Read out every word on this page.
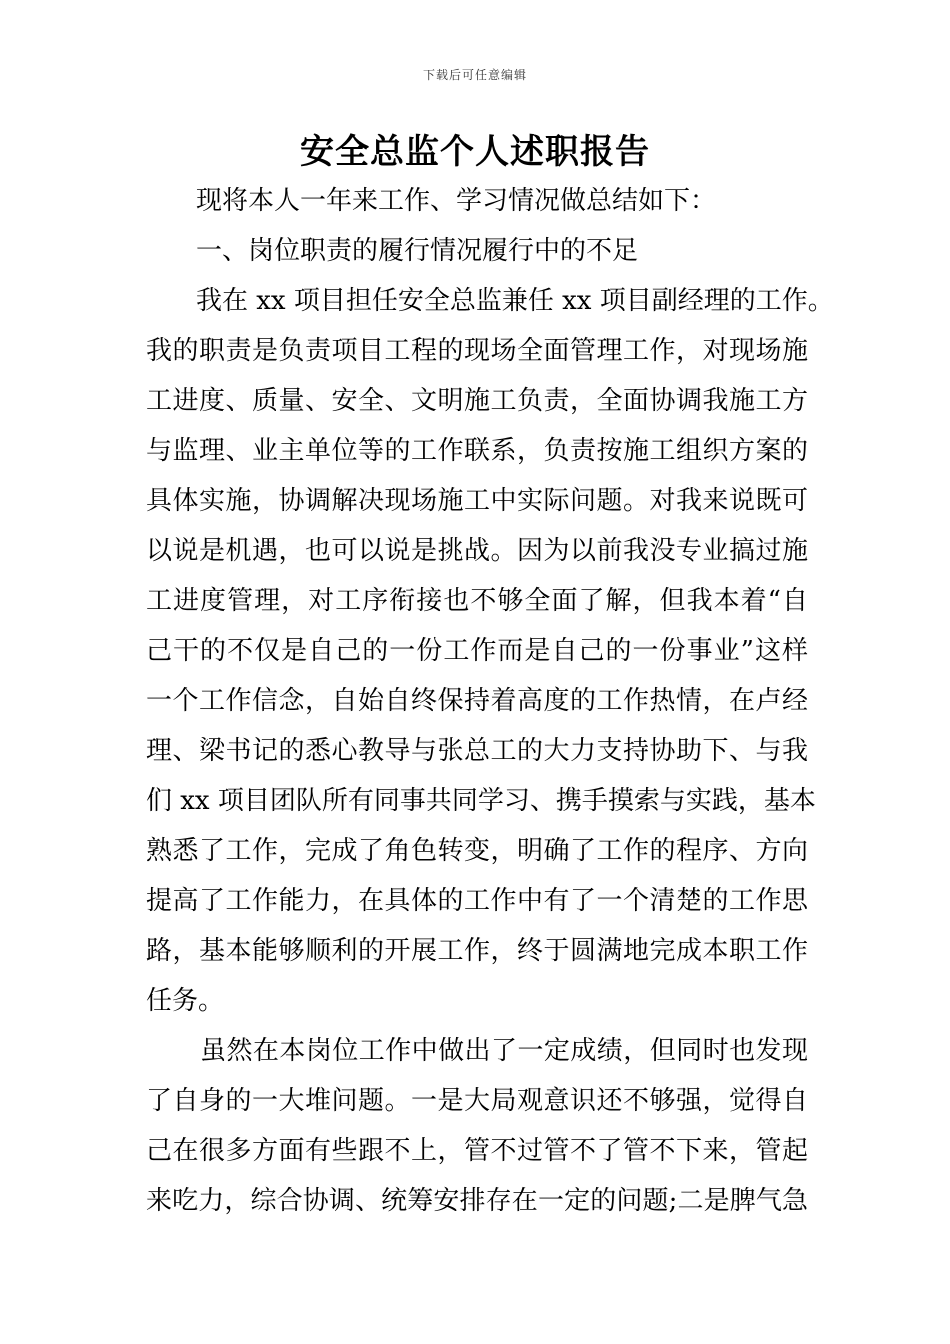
下载后可任意编辑
安全总监个人述职报告
现将本人一年来工作、学习情况做总结如下：
一、岗位职责的履行情况履行中的不足
我在 xx 项目担任安全总监兼任 xx 项目副经理的工作。
我的职责是负责项目工程的现场全面管理工作，对现场施
工进度、质量、安全、文明施工负责，全面协调我施工方
与监理、业主单位等的工作联系，负责按施工组织方案的
具体实施，协调解决现场施工中实际问题。对我来说既可
以说是机遇，也可以说是挑战。因为以前我没专业搞过施
工进度管理，对工序衔接也不够全面了解，但我本着“自
己干的不仅是自己的一份工作而是自己的一份事业”这样
一个工作信念，自始自终保持着高度的工作热情，在卢经
理、梁书记的悉心教导与张总工的大力支持协助下、与我
们 xx 项目团队所有同事共同学习、携手摸索与实践，基本
熟悉了工作，完成了角色转变，明确了工作的程序、方向
提高了工作能力，在具体的工作中有了一个清楚的工作思
路，基本能够顺利的开展工作，终于圆满地完成本职工作
任务。
虽然在本岗位工作中做出了一定成绩，但同时也发现
了自身的一大堆问题。一是大局观意识还不够强，觉得自
己在很多方面有些跟不上，管不过管不了管不下来，管起
来吃力，综合协调、统筹安排存在一定的问题;二是脾气急
